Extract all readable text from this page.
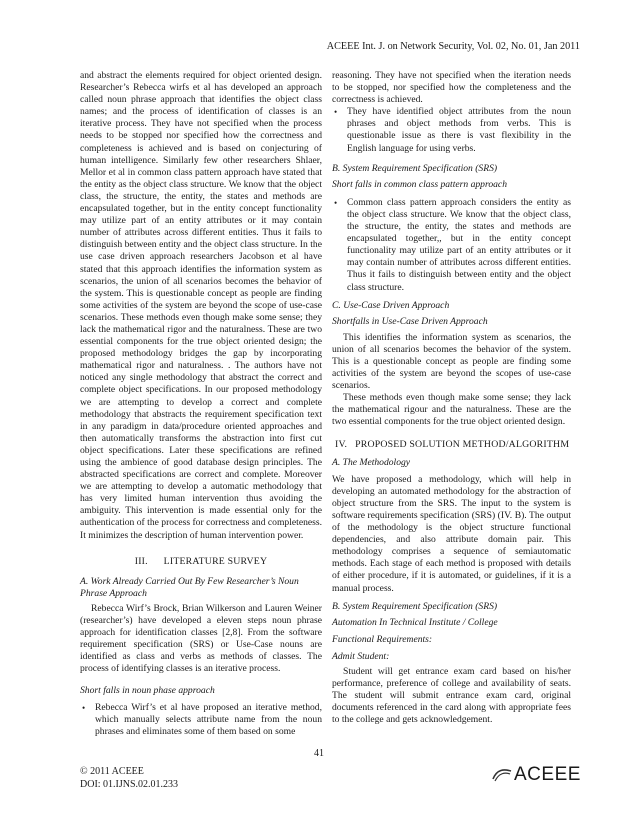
ACEEE Int. J. on Network Security, Vol. 02, No. 01, Jan 2011

and abstract the elements required for object oriented design. Researcher’s Rebecca wirfs et al has developed an approach called noun phrase approach that identifies the object class names; and the process of identification of classes is an iterative process. They have not specified when the process needs to be stopped nor specified how the correctness and completeness is achieved and is based on conjecturing of human intelligence. Similarly few other researchers Shlaer, Mellor et al in common class pattern approach have stated that the entity as the object class structure. We know that the object class, the structure, the entity, the states and methods are encapsulated together, but in the entity concept functionality may utilize part of an entity attributes or it may contain number of attributes across different entities. Thus it fails to distinguish between entity and the object class structure. In the use case driven approach researchers Jacobson et al have stated that this approach identifies the information system as scenarios, the union of all scenarios becomes the behavior of the system. This is questionable concept as people are finding some activities of the system are beyond the scope of use-case scenarios. These methods even though make some sense; they lack the mathematical rigor and the naturalness. These are two essential components for the true object oriented design; the proposed methodology bridges the gap by incorporating mathematical rigor and naturalness. . The authors have not noticed any single methodology that abstract the correct and complete object specifications. In our proposed methodology we are attempting to develop a correct and complete methodology that abstracts the requirement specification text in any paradigm in data/procedure oriented approaches and then automatically transforms the abstraction into first cut object specifications. Later these specifications are refined using the ambience of good database design principles. The abstracted specifications are correct and complete. Moreover we are attempting to develop a automatic methodology that has very limited human intervention thus avoiding the ambiguity. This intervention is made essential only for the authentication of the process for correctness and completeness. It minimizes the description of human intervention power.

III.      LITERATURE SURVEY
A. Work Already Carried Out By Few Researcher’s Noun Phrase Approach

Rebecca Wirf’s Brock, Brian Wilkerson and Lauren Weiner (researcher’s) have developed a eleven steps noun phrase approach for identification classes [2,8]. From the software requirement specification (SRS) or Use-Case nouns are identified as class and verbs as methods of classes. The process of identifying classes is an iterative process.

Short falls in noun phase approach
• Rebecca Wirf’s et al have proposed an iterative method, which manually selects attribute name from the noun phrases and eliminates some of them based on some

reasoning. They have not specified when the iteration needs to be stopped, nor specified how the completeness and the correctness is achieved.

• They have identified object attributes from the noun phrases and object methods from verbs. This is questionable issue as there is vast flexibility in the English language for using verbs.
B. System Requirement Specification (SRS)
Short falls in common class pattern approach
• Common class pattern approach considers the entity as the object class structure. We know that the object class, the structure, the entity, the states and methods are encapsulated together,, but in the entity concept functionality may utilize part of an entity attributes or it may contain number of attributes across different entities. Thus it fails to distinguish between entity and the object class structure.
C. Use-Case Driven Approach
Shortfalls in Use-Case Driven Approach

This identifies the information system as scenarios, the union of all scenarios becomes the behavior of the system. This is a questionable concept as people are finding some activities of the system are beyond the scopes of use-case scenarios.

These methods even though make some sense; they lack the mathematical rigour and the naturalness. These are the two essential components for the true object oriented design.

IV.   PROPOSED SOLUTION METHOD/ALGORITHM
A. The Methodology

We have proposed a methodology, which will help in developing an automated methodology for the abstraction of object structure from the SRS. The input to the system is software requirements specification (SRS) (IV. B). The output of the methodology is the object structure functional dependencies, and also attribute domain pair. This methodology comprises a sequence of semiautomatic methods. Each stage of each method is proposed with details of either procedure, if it is automated, or guidelines, if it is a manual process.

B. System Requirement Specification (SRS)
Automation In Technical Institute / College
Functional Requirements:
Admit Student:

Student will get entrance exam card based on his/her performance, preference of college and availability of seats. The student will submit entrance exam card, original documents referenced in the card along with appropriate fees to the college and gets acknowledgement.

41
© 2011 ACEEE
DOI: 01.IJNS.02.01.233	ACEEE
